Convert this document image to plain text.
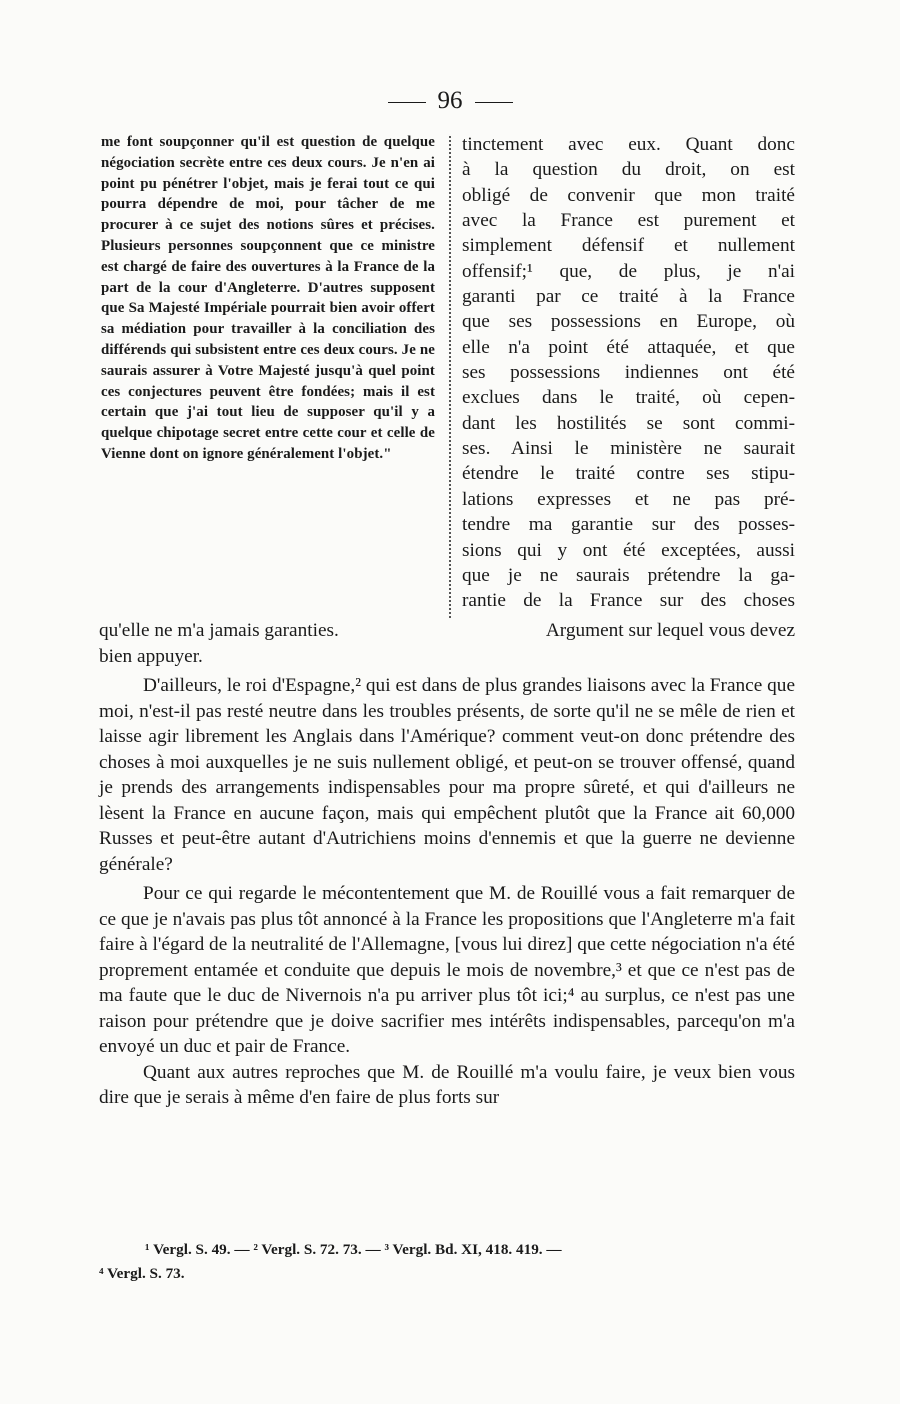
96
me font soupçonner qu'il est question de quelque négociation secrète entre ces deux cours. Je n'en ai point pu pénétrer l'objet, mais je ferai tout ce qui pourra dépendre de moi, pour tâcher de me procurer à ce sujet des notions sûres et précises. Plusieurs personnes soupçonnent que ce ministre est chargé de faire des ouvertures à la France de la part de la cour d'Angleterre. D'autres supposent que Sa Majesté Impériale pourrait bien avoir offert sa médiation pour travailler à la conciliation des différends qui subsistent entre ces deux cours. Je ne saurais assurer à Votre Majesté jusqu'à quel point ces conjectures peuvent être fondées; mais il est certain que j'ai tout lieu de supposer qu'il y a quelque chipotage secret entre cette cour et celle de Vienne dont on ignore généralement l'objet."
tinctement avec eux. Quant donc
à la question du droit, on est
obligé de convenir que mon traité
avec la France est purement et
simplement défensif et nullement
offensif;¹ que, de plus, je n'ai
garanti par ce traité à la France
que ses possessions en Europe, où
elle n'a point été attaquée, et que
ses possessions indiennes ont été
exclues dans le traité, où cepen-
dant les hostilités se sont commi-
ses. Ainsi le ministère ne saurait
étendre le traité contre ses stipu-
lations expresses et ne pas pré-
tendre ma garantie sur des posses-
sions qui y ont été exceptées, aussi
que je ne saurais prétendre la ga-
rantie de la France sur des choses
qu'elle ne m'a jamais garanties.	Argument sur lequel vous devez

bien appuyer.

D'ailleurs, le roi d'Espagne,² qui est dans de plus grandes liaisons avec la France que moi, n'est-il pas resté neutre dans les troubles présents, de sorte qu'il ne se mêle de rien et laisse agir librement les Anglais dans l'Amérique? comment veut-on donc prétendre des choses à moi auxquelles je ne suis nullement obligé, et peut-on se trouver offensé, quand je prends des arrangements indispensables pour ma propre sûreté, et qui d'ailleurs ne lèsent la France en aucune façon, mais qui empêchent plutôt que la France ait 60,000 Russes et peut-être autant d'Autrichiens moins d'ennemis et que la guerre ne devienne générale?

Pour ce qui regarde le mécontentement que M. de Rouillé vous a fait remarquer de ce que je n'avais pas plus tôt annoncé à la France les propositions que l'Angleterre m'a fait faire à l'égard de la neutralité de l'Allemagne, [vous lui direz] que cette négociation n'a été proprement entamée et conduite que depuis le mois de novembre,³ et que ce n'est pas de ma faute que le duc de Nivernois n'a pu arriver plus tôt ici;⁴ au surplus, ce n'est pas une raison pour prétendre que je doive sacrifier mes intérêts indispensables, parcequ'on m'a envoyé un duc et pair de France.

Quant aux autres reproches que M. de Rouillé m'a voulu faire, je veux bien vous dire que je serais à même d'en faire de plus forts sur

¹ Vergl. S. 49. — ² Vergl. S. 72. 73. — ³ Vergl. Bd. XI, 418. 419. —
⁴ Vergl. S. 73.
